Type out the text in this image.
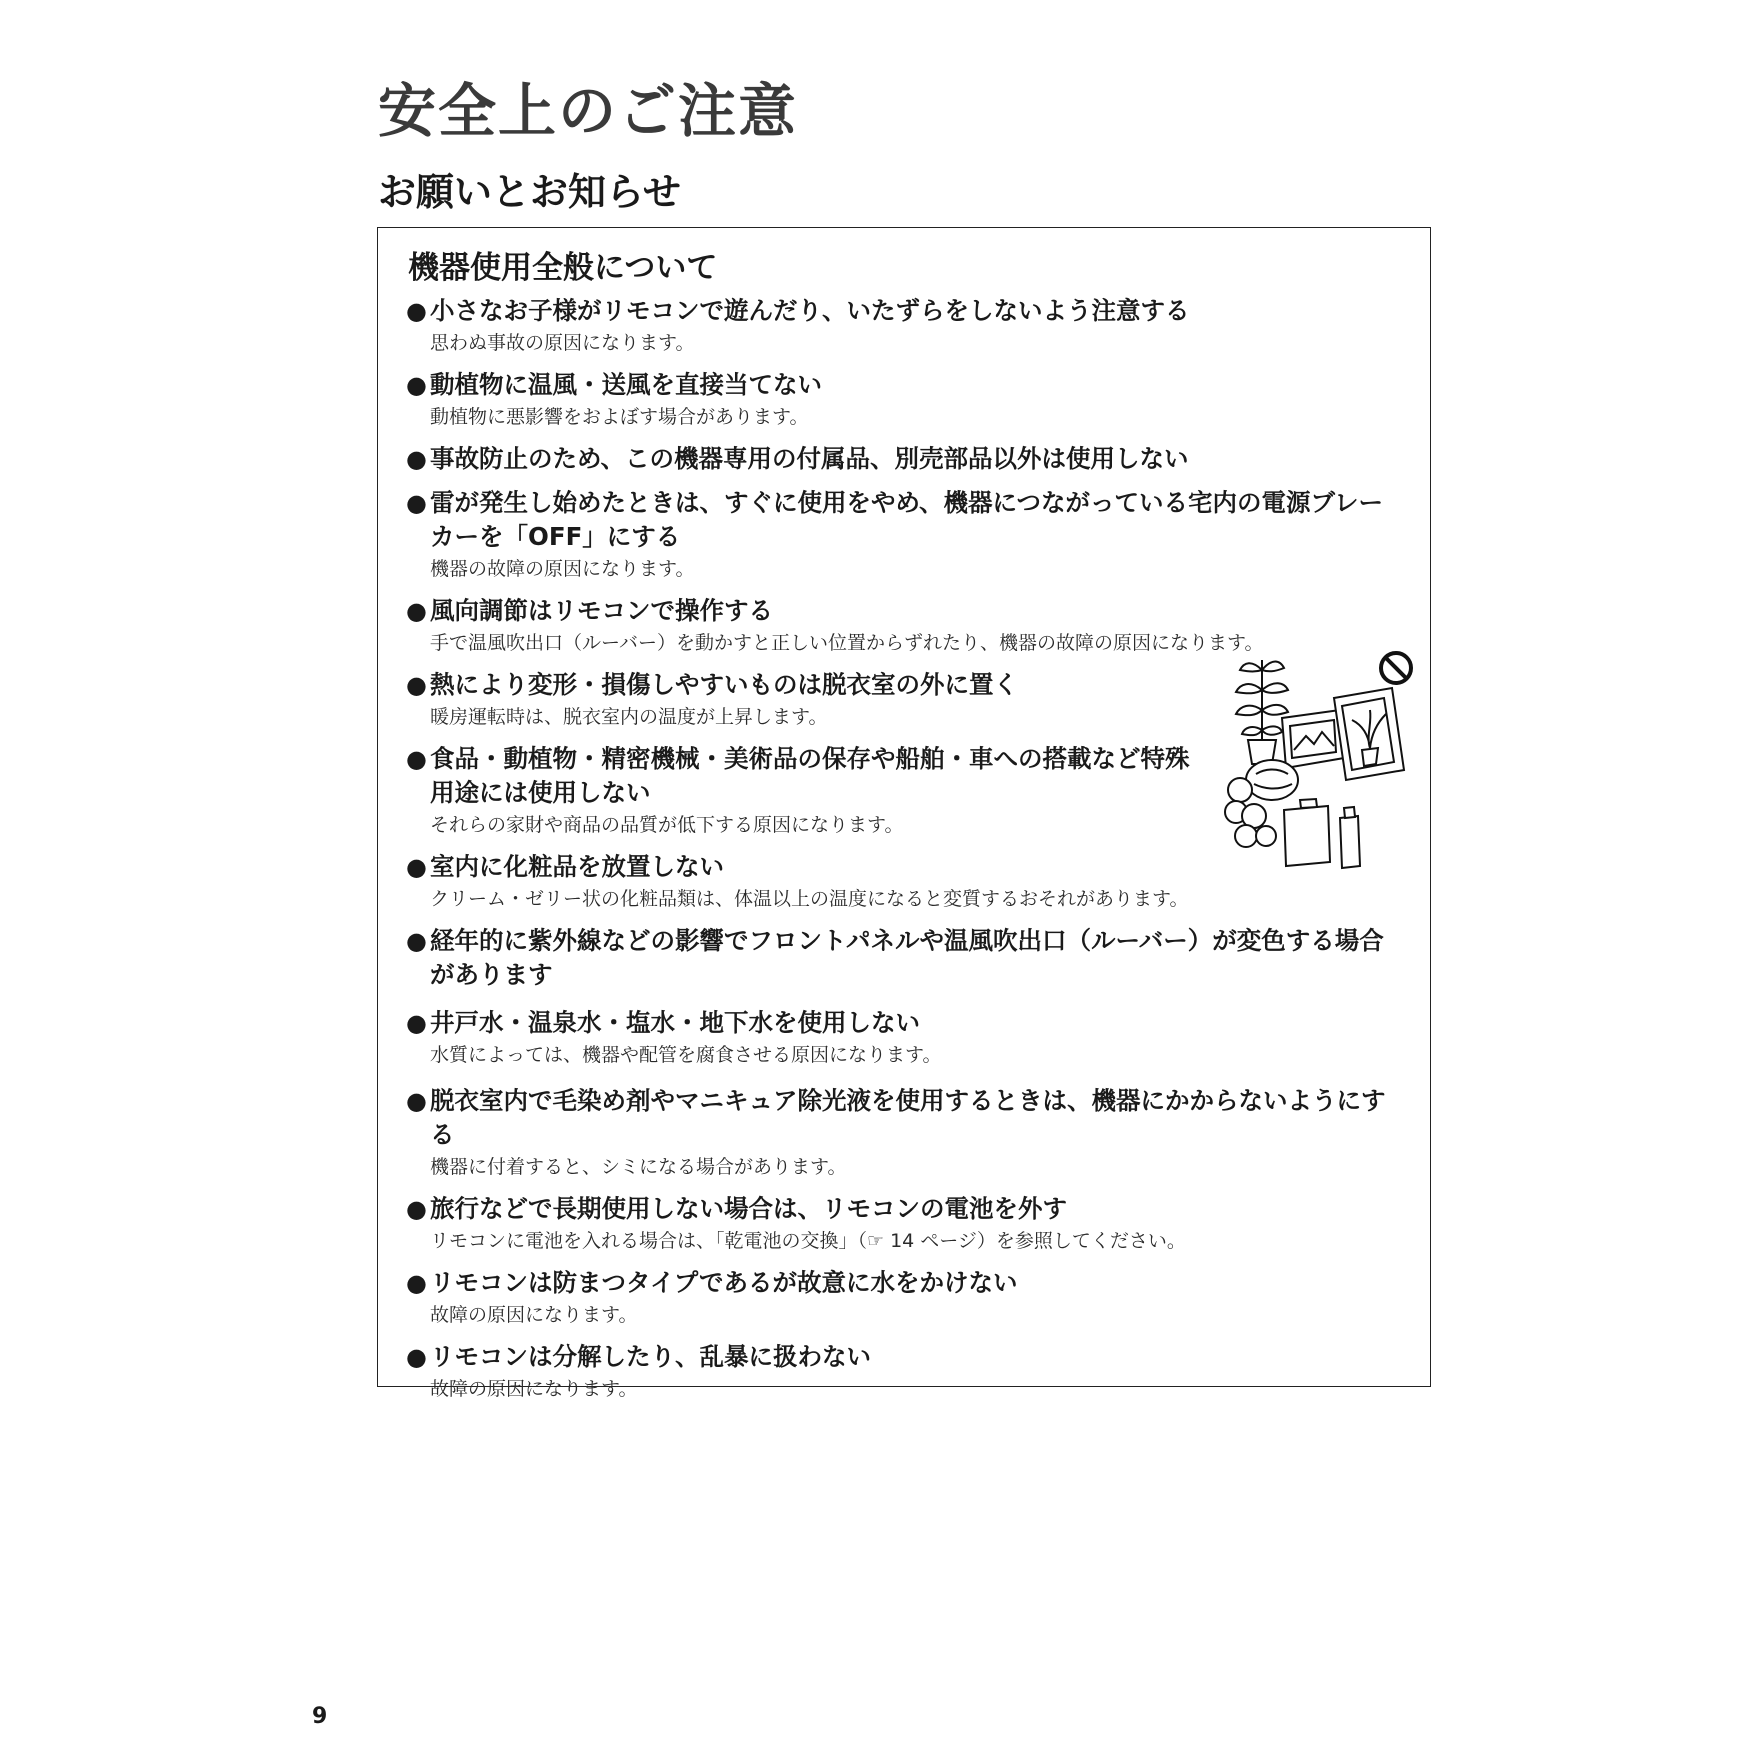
安全上のご注意
お願いとお知らせ
機器使用全般について
● 小さなお子様がリモコンで遊んだり、いたずらをしないよう注意する

思わぬ事故の原因になります。

● 動植物に温風・送風を直接当てない

動植物に悪影響をおよぼす場合があります。

● 事故防止のため、この機器専用の付属品、別売部品以外は使用しない

● 雷が発生し始めたときは、すぐに使用をやめ、機器につながっている宅内の電源ブレーカーを「OFF」にする

機器の故障の原因になります。

● 風向調節はリモコンで操作する

手で温風吹出口（ルーバー）を動かすと正しい位置からずれたり、機器の故障の原因になります。

● 熱により変形・損傷しやすいものは脱衣室の外に置く

暖房運転時は、脱衣室内の温度が上昇します。

● 食品・動植物・精密機械・美術品の保存や船舶・車への搭載など特殊用途には使用しない

それらの家財や商品の品質が低下する原因になります。

● 室内に化粧品を放置しない

クリーム・ゼリー状の化粧品類は、体温以上の温度になると変質するおそれがあります。

● 経年的に紫外線などの影響でフロントパネルや温風吹出口（ルーバー）が変色する場合があります

● 井戸水・温泉水・塩水・地下水を使用しない

水質によっては、機器や配管を腐食させる原因になります。

● 脱衣室内で毛染め剤やマニキュア除光液を使用するときは、機器にかからないようにする

機器に付着すると、シミになる場合があります。

● 旅行などで長期使用しない場合は、リモコンの電池を外す

リモコンに電池を入れる場合は、「乾電池の交換」（☞ 14 ページ）を参照してください。

● リモコンは防まつタイプであるが故意に水をかけない

故障の原因になります。

● リモコンは分解したり、乱暴に扱わない

故障の原因になります。

9
